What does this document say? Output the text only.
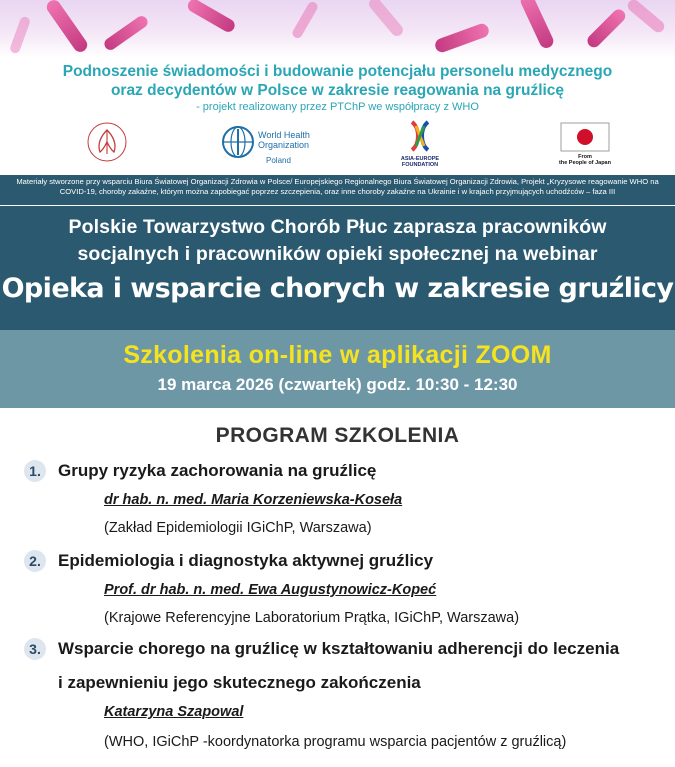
Podnoszenie świadomości i budowanie potencjału personelu medycznego
oraz decydentów w Polsce w zakresie reagowania na gruźlicę
- projekt realizowany przez PTChP we współpracy z WHO
World Health
Organization
Poland	ASIA-EUROPE
FOUNDATION
From
the People of Japan
Materiały stworzone przy wsparciu Biura Światowej Organizacji Zdrowia w Polsce/ Europejskiego Regionalnego Biura Światowej Organizacji Zdrowia, Projekt „Kryzysowe reagowanie WHO na COVID-19, choroby zakaźne, którym można zapobiegać poprzez szczepienia, oraz inne choroby zakaźne na Ukrainie i w krajach przyjmujących uchodźców – faza III
Polskie Towarzystwo Chorób Płuc zaprasza pracowników
socjalnych i pracowników opieki społecznej na webinar
Opieka i wsparcie chorych w zakresie gruźlicy
Szkolenia on-line w aplikacji ZOOM
19 marca 2026 (czwartek) godz. 10:30 - 12:30
PROGRAM SZKOLENIA
1.	Grupy ryzyka zachorowania na gruźlicę
dr hab. n. med. Maria Korzeniewska-Koseła
(Zakład Epidemiologii IGiChP, Warszawa)
2.	Epidemiologia i diagnostyka aktywnej gruźlicy
Prof. dr hab. n. med. Ewa Augustynowicz-Kopeć
(Krajowe Referencyjne Laboratorium Prątka, IGiChP, Warszawa)
3.	Wsparcie chorego na gruźlicę w kształtowaniu adherencji do leczenia
i zapewnieniu jego skutecznego zakończenia
Katarzyna Szapowal
(WHO, IGiChP -koordynatorka programu wsparcia pacjentów z gruźlicą)
